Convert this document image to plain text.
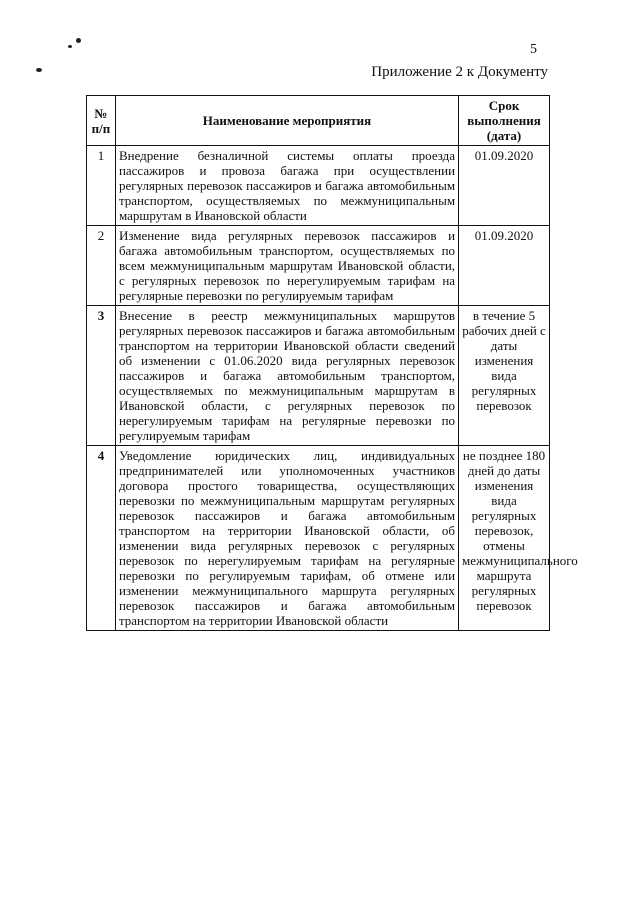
5
Приложение 2 к Документу
№ п/п	Наименование мероприятия	Срок выполнения (дата)
1	Внедрение безналичной системы оплаты проезда пассажиров и провоза багажа при осуществлении регулярных перевозок пассажиров и багажа автомобильным транспортом, осуществляемых по межмуниципальным маршрутам в Ивановской области	01.09.2020
2	Изменение вида регулярных перевозок пассажиров и багажа автомобильным транспортом, осуществляемых по всем межмуниципальным маршрутам Ивановской области, с регулярных перевозок по нерегулируемым тарифам на регулярные перевозки по регулируемым тарифам	01.09.2020
3	Внесение в реестр межмуниципальных маршрутов регулярных перевозок пассажиров и багажа автомобильным транспортом на территории Ивановской области сведений об изменении с 01.06.2020 вида регулярных перевозок пассажиров и багажа автомобильным транспортом, осуществляемых по межмуниципальным маршрутам в Ивановской области, с регулярных перевозок по нерегулируемым тарифам на регулярные перевозки по регулируемым тарифам	в течение 5 рабочих дней с даты изменения вида регулярных перевозок
4	Уведомление юридических лиц, индивидуальных предпринимателей или уполномоченных участников договора простого товарищества, осуществляющих перевозки по межмуниципальным маршрутам регулярных перевозок пассажиров и багажа автомобильным транспортом на территории Ивановской области, об изменении вида регулярных перевозок с регулярных перевозок по нерегулируемым тарифам на регулярные перевозки по регулируемым тарифам, об отмене или изменении межмуниципального маршрута регулярных перевозок пассажиров и багажа автомобильным транспортом на территории Ивановской области	не позднее 180 дней до даты изменения вида регулярных перевозок, отмены межмуниципального маршрута регулярных перевозок
